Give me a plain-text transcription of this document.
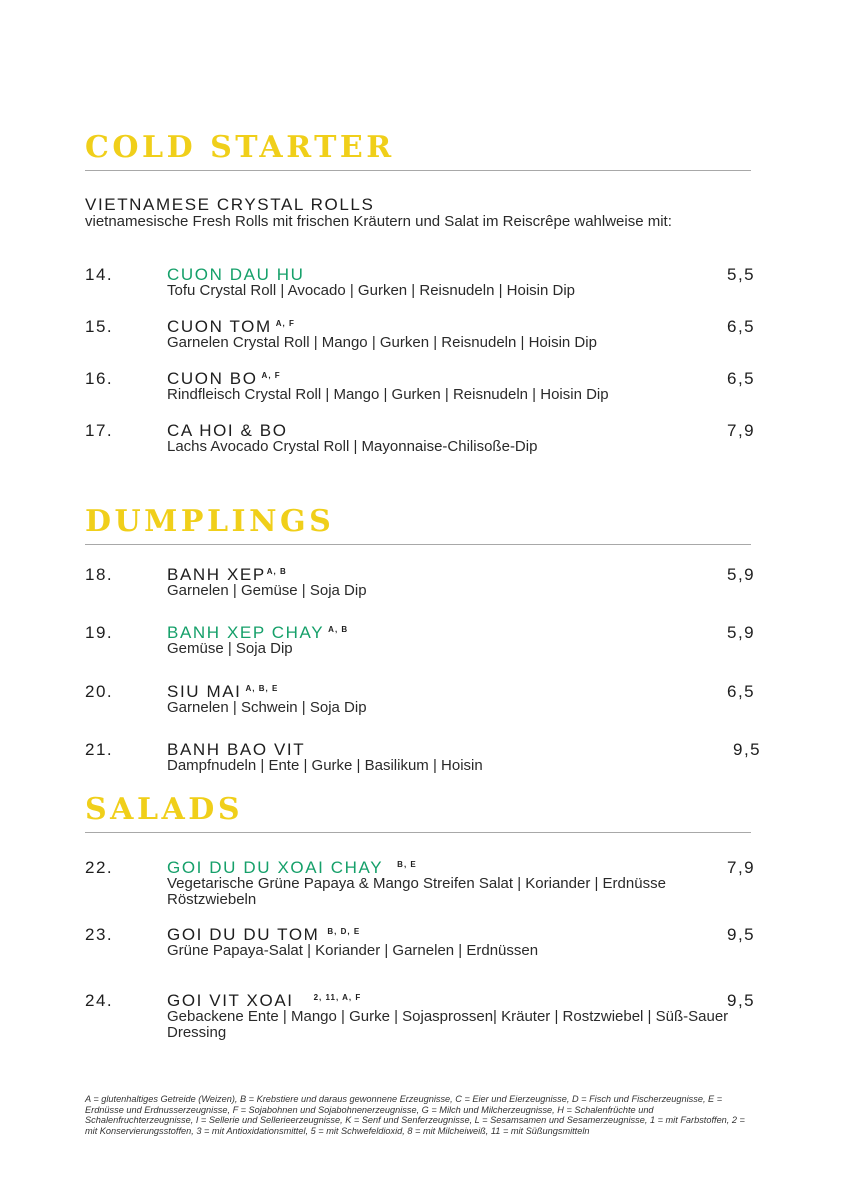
COLD STARTER
VIETNAMESE CRYSTAL ROLLS
vietnamesische Fresh Rolls mit frischen Kräutern und Salat im Reiscrêpe wahlweise mit:
14.	CUON DAU HU
Tofu Crystal Roll | Avocado | Gurken | Reisnudeln | Hoisin Dip
5,5
15.	CUON TOM $^{A, F}$
Garnelen Crystal Roll | Mango | Gurken | Reisnudeln | Hoisin Dip
6,5
16.	CUON BO $^{A, F}$
Rindfleisch Crystal Roll | Mango | Gurken | Reisnudeln | Hoisin Dip
6,5
17.	CA HOI & BO
Lachs Avocado Crystal Roll | Mayonnaise-Chilisoße-Dip
7,9
DUMPLINGS
18.	BANH $XEP^{A, B}$
Garnelen | Gemüse | Soja Dip
5,9
19.	BANH XEP CHAY $^{A, B}$
Gemüse | Soja Dip
5,9
20.	SIU MAI $^{A, B, E}$
Garnelen | Schwein | Soja Dip
6,5
21.	BANH BAO VIT
Dampfnudeln | Ente | Gurke | Basilikum | Hoisin
9,5
SALADS
22.	GOI DU DU XOAI CHAY $^{B, E}$
Vegetarische Grüne Papaya & Mango Streifen Salat | Koriander | Erdnüsse Röstzwiebeln
7,9
23.	GOI DU DU TOM $^{B, D, E}$
Grüne Papaya-Salat | Koriander | Garnelen | Erdnüssen
9,5
24.	GOI VIT XOAI	$^{2, 11, A, F}$
Gebackene Ente | Mango | Gurke | Sojasprossen| Kräuter | Rostzwiebel | Süß-Sauer Dressing
9,5
A = glutenhaltiges Getreide (Weizen), B = Krebstiere und daraus gewonnene Erzeugnisse, C = Eier und Eierzeugnisse, D = Fisch und Fischerzeugnisse, E = Erdnüsse und Erdnusserzeugnisse, F = Sojabohnen und Sojabohnenerzeugnisse, G = Milch und Milcherzeugnisse, H = Schalenfrüchte und Schalenfruchterzeugnisse, I = Sellerie und Sellerieerzeugnisse, K = Senf und Senferzeugnisse, L = Sesamsamen und Sesamerzeugnisse, 1 = mit Farbstoffen, 2 = mit Konservierungsstoffen, 3 = mit Antioxidationsmittel, 5 = mit Schwefeldioxid, 8 = mit Milcheiweiß, 11 = mit Süßungsmitteln
